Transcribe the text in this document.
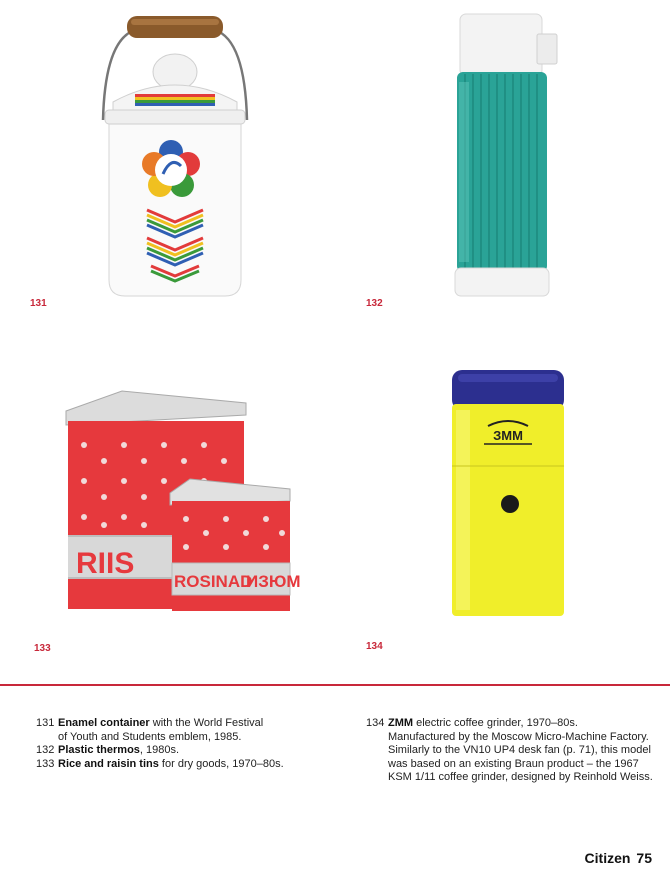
131	132
RIIS
ROSINAD
ИЗЮМ
133
ЗММ
134
131 Enamel container with the World Festival
of Youth and Students emblem, 1985.
132 Plastic thermos, 1980s.
133 Rice and raisin tins for dry goods, 1970–80s.
134 ZMM electric coffee grinder, 1970–80s.
Manufactured by the Moscow Micro-Machine Factory.
Similarly to the VN10 UP4 desk fan (p. 71), this model
was based on an existing Braun product – the 1967
KSM 1/11 coffee grinder, designed by Reinhold Weiss.
Citizen 75
